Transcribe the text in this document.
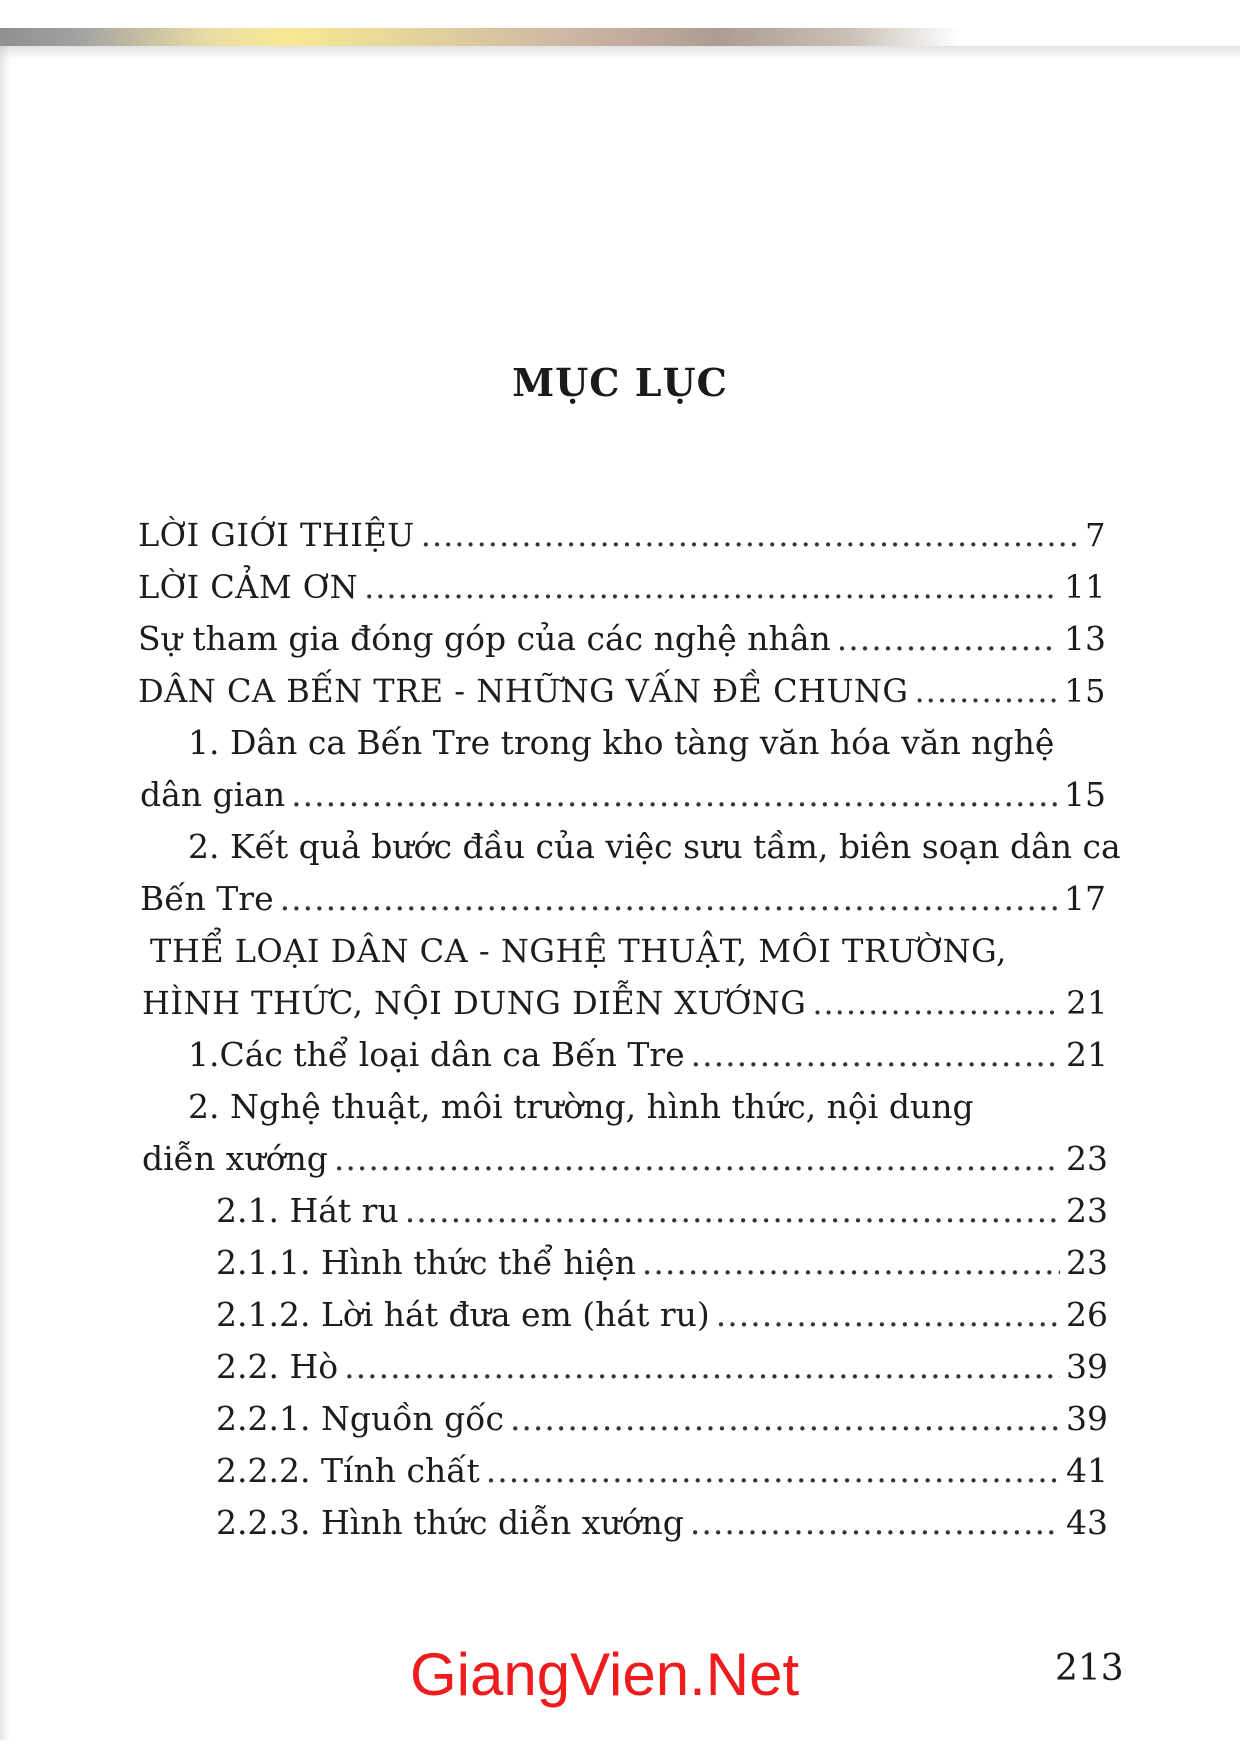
MỤC LỤC
LỜI GIỚI THIỆU .....	7
LỜI CẢM ƠN .....	11
Sự tham gia đóng góp của các nghệ nhân .....	13
DÂN CA BẾN TRE - NHỮNG VẤN ĐỀ CHUNG .....	15
1. Dân ca Bến Tre trong kho tàng văn hóa văn nghệ
dân gian .....	15
2. Kết quả bước đầu của việc sưu tầm, biên soạn dân ca
Bến Tre .....	17
THỂ LOẠI DÂN CA - NGHỆ THUẬT, MÔI TRƯỜNG,
HÌNH THỨC, NỘI DUNG DIỄN XƯỚNG .....	21
1.Các thể loại dân ca Bến Tre .....	21
2. Nghệ thuật, môi trường, hình thức, nội dung
diễn xướng .....	23
2.1. Hát ru .....	23
2.1.1. Hình thức thể hiện .....	23
2.1.2. Lời hát đưa em (hát ru) .....	26
2.2. Hò .....	39
2.2.1. Nguồn gốc .....	39
2.2.2. Tính chất .....	41
2.2.3. Hình thức diễn xướng .....	43
GiangVien.Net	213
